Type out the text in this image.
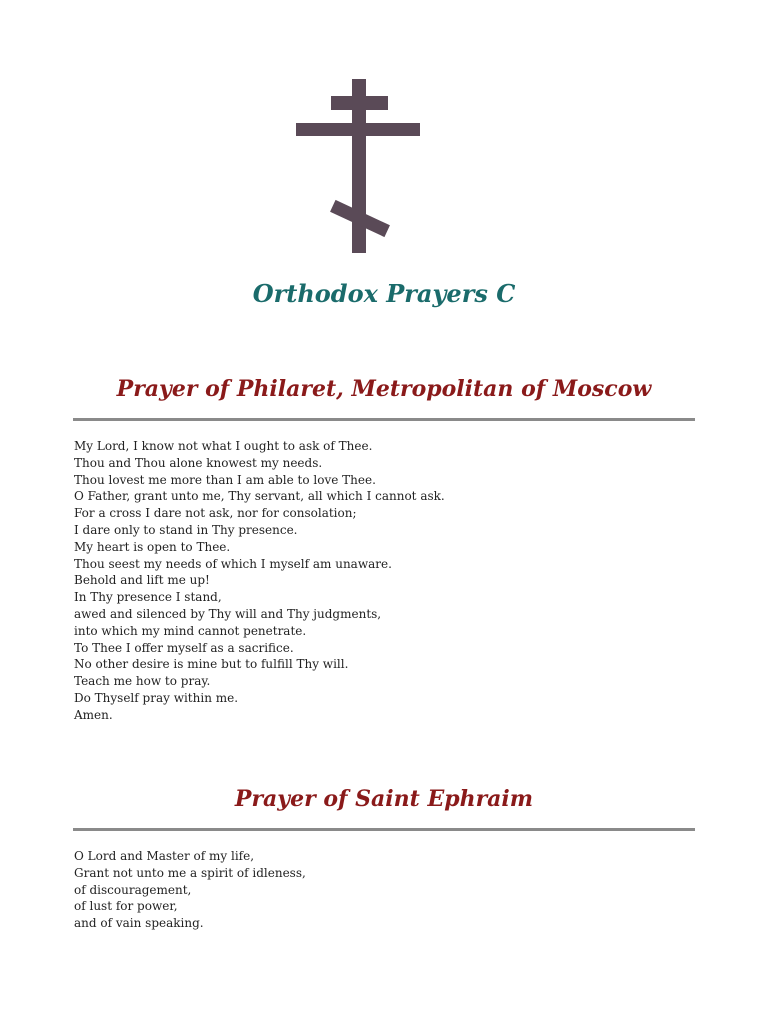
Orthodox Prayers C
Prayer of Philaret, Metropolitan of Moscow
My Lord, I know not what I ought to ask of Thee.
Thou and Thou alone knowest my needs.
Thou lovest me more than I am able to love Thee.
O Father, grant unto me, Thy servant, all which I cannot ask.
For a cross I dare not ask, nor for consolation;
I dare only to stand in Thy presence.
My heart is open to Thee.
Thou seest my needs of which I myself am unaware.
Behold and lift me up!
In Thy presence I stand,
awed and silenced by Thy will and Thy judgments,
into which my mind cannot penetrate.
To Thee I offer myself as a sacrifice.
No other desire is mine but to fulfill Thy will.
Teach me how to pray.
Do Thyself pray within me.
Amen.
Prayer of Saint Ephraim
O Lord and Master of my life,
Grant not unto me a spirit of idleness,
of discouragement,
of lust for power,
and of vain speaking.
